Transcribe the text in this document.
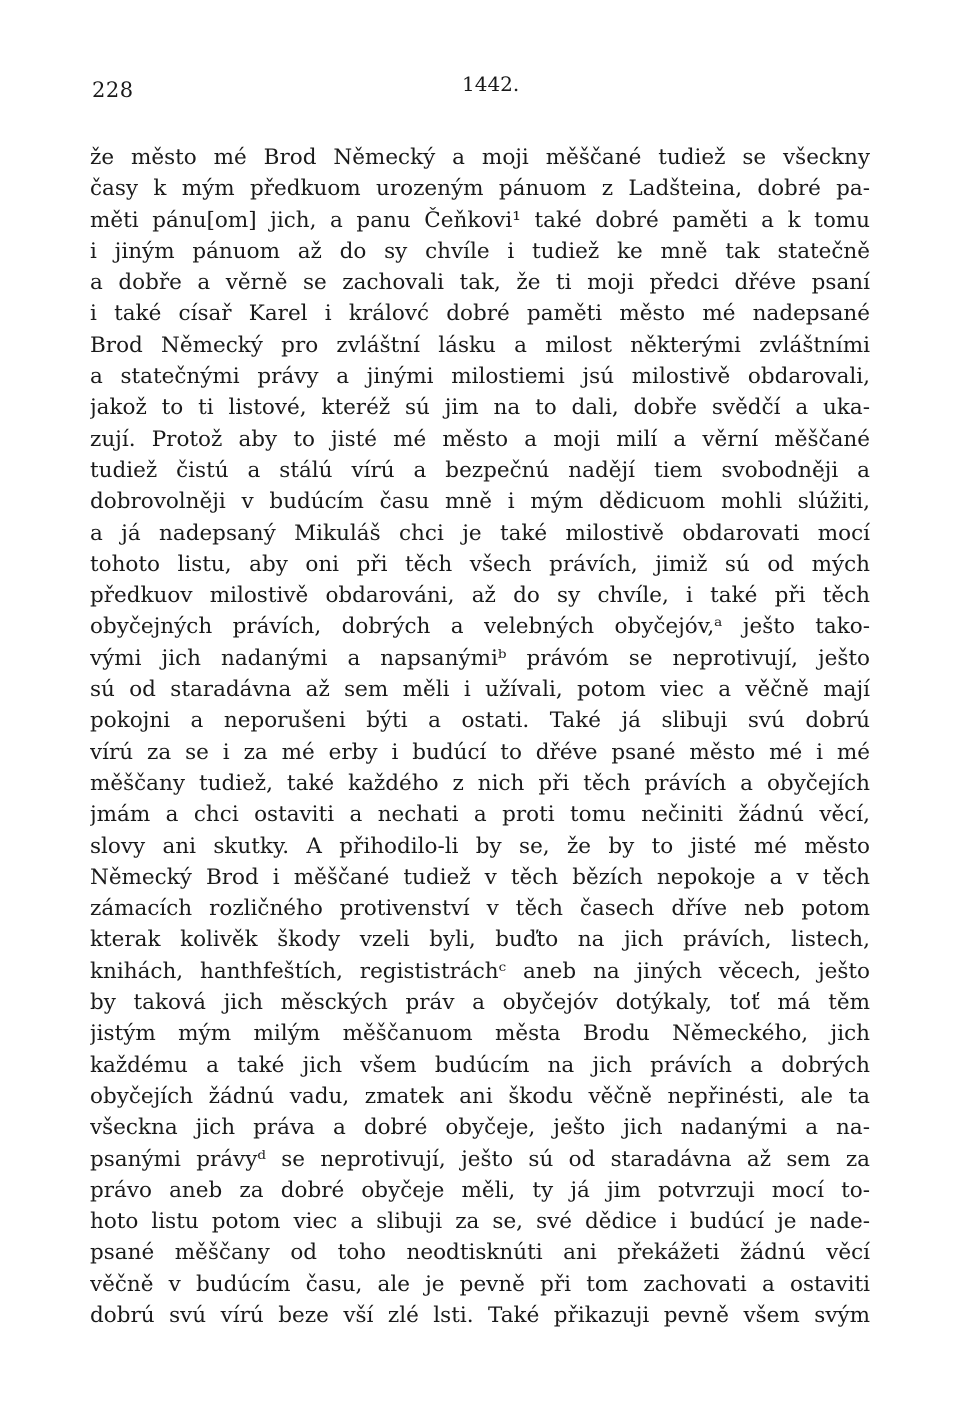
228	1442.
že město mé Brod Německý a moji měščané tudiež se všeckny
časy k mým předkuom urozeným pánuom z Ladšteina, dobré pa-
měti pánu[om] jich, a panu Čeňkovi¹ také dobré paměti a k tomu
i jiným pánuom až do sy chvíle i tudiež ke mně tak statečně
a dobře a věrně se zachovali tak, že ti moji předci dřéve psaní
i také císař Karel i královć dobré paměti město mé nadepsané
Brod Německý pro zvláštní lásku a milost některými zvláštními
a statečnými právy a jinými milostiemi jsú milostivě obdarovali,
jakož to ti listové, kteréž sú jim na to dali, dobře svědčí a uka-
zují. Protož aby to jisté mé město a moji milí a věrní měščané
tudiež čistú a stálú vírú a bezpečnú nadějí tiem svobodněji a
dobrovolněji v budúcím času mně i mým dědicuom mohli slúžiti,
a já nadepsaný Mikuláš chci je také milostivě obdarovati mocí
tohoto listu, aby oni při těch všech právích, jimiž sú od mých
předkuov milostivě obdarováni, až do sy chvíle, i také při těch
obyčejných právích, dobrých a velebných obyčejóv,ᵃ ještо tako-
vými jich nadanými a napsanýmiᵇ právóm se neprotivují, ješto
sú od staradávna až sem měli i užívali, potom viec a věčně mají
pokojni a neporušeni býti a ostati. Také já slibuji svú dobrú
vírú za se i za mé erby i budúcí to dřéve psané město mé i mé
měščany tudiež, také každého z nich při těch právích a obyčejích
jmám a chci ostaviti a nechati a proti tomu nečiniti žádnú věcí,
slovy ani skutky. A přihodilo-li by se, že by to jisté mé město
Německý Brod i měščané tudiež v těch bězích nepokoje a v těch
zámacích rozličného protivenství v těch časech dříve neb potom
kterak kolivěk škody vzeli byli, buďto na jich právích, listech,
knihách, hanthfeštích, regististráchᶜ aneb na jiných věcech, ješto
by taková jich měsckých práv a obyčejóv dotýkaly, toť má těm
jistým mým milým měščanuom města Brodu Německého, jich
každému a také jich všem budúcím na jich právích a dobrých
obyčejích žádnú vadu, zmatek ani škodu věčně nepřinésti, ale ta
všeckna jich práva a dobré obyčeje, ješto jich nadanými a na-
psanými právyᵈ se neprotivují, ješto sú od staradávna až sem za
právo aneb za dobré obyčeje měli, ty já jim potvrzuji mocí to-
hoto listu potom viec a slibuji za se, své dědice i budúcí je nade-
psané měščany od toho neodtisknúti ani překážeti žádnú věcí
věčně v budúcím času, ale je pevně při tom zachovati a ostaviti
dobrú svú vírú beze vší zlé lsti. Také přikazuji pevně všem svým
